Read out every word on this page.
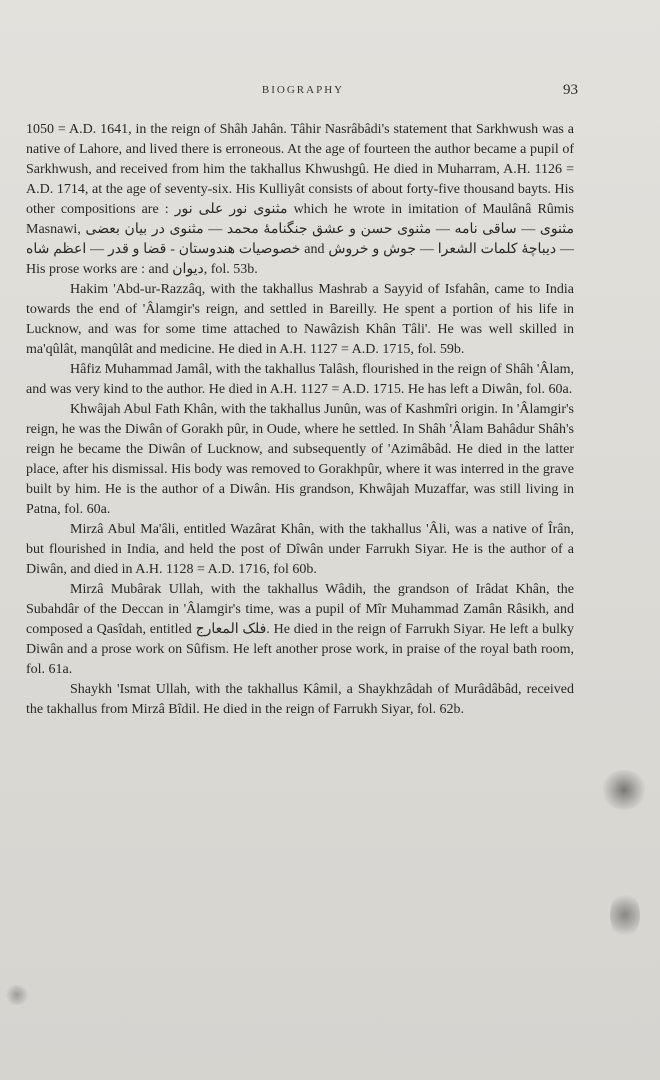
BIOGRAPHY	93

1050 = A.D. 1641, in the reign of Shâh Jahân. Tâhir Nasrâbâdi's statement that Sarkhwush was a native of Lahore, and lived there is erroneous. At the age of fourteen the author became a pupil of Sarkhwush, and received from him the takhallus Khwushgû. He died in Muharram, A.H. 1126 = A.D. 1714, at the age of seventy-six. His Kulliyât consists of about forty-five thousand bayts. His other compositions are : مثنوی نور علی نور which he wrote in imitation of Maulânâ Rûmis Masnawi, مثنوی — ساقی نامه — مثنوی حسن و عشق جنگنامهٔ محمد — مثنوی در بیان بعضی خصوصیات هندوستان - قضا و قدر — اعظم شاه and دیباچهٔ کلمات الشعرا — جوش و خروش — His prose works are : and دیوان, fol. 53b.

Hakim 'Abd-ur-Razzâq, with the takhallus Mashrab a Sayyid of Isfahân, came to India towards the end of 'Âlamgir's reign, and settled in Bareilly. He spent a portion of his life in Lucknow, and was for some time attached to Nawâzish Khân Tâli'. He was well skilled in ma'qûlât, manqûlât and medicine. He died in A.H. 1127 = A.D. 1715, fol. 59b.

Hâfiz Muhammad Jamâl, with the takhallus Talâsh, flourished in the reign of Shâh 'Âlam, and was very kind to the author. He died in A.H. 1127 = A.D. 1715. He has left a Diwân, fol. 60a.

Khwâjah Abul Fath Khân, with the takhallus Junûn, was of Kashmîri origin. In 'Âlamgir's reign, he was the Diwân of Gorakh pûr, in Oude, where he settled. In Shâh 'Âlam Bahâdur Shâh's reign he became the Diwân of Lucknow, and subsequently of 'Azimâbâd. He died in the latter place, after his dismissal. His body was removed to Gorakhpûr, where it was interred in the grave built by him. He is the author of a Diwân. His grandson, Khwâjah Muzaffar, was still living in Patna, fol. 60a.

Mirzâ Abul Ma'âli, entitled Wazârat Khân, with the takhallus 'Âli, was a native of Îrân, but flourished in India, and held the post of Dîwân under Farrukh Siyar. He is the author of a Diwân, and died in A.H. 1128 = A.D. 1716, fol 60b.

Mirzâ Mubârak Ullah, with the takhallus Wâdih, the grandson of Irâdat Khân, the Subahdâr of the Deccan in 'Âlamgir's time, was a pupil of Mîr Muhammad Zamân Râsikh, and composed a Qasîdah, entitled فلک المعارج. He died in the reign of Farrukh Siyar. He left a bulky Diwân and a prose work on Sûfism. He left another prose work, in praise of the royal bath room, fol. 61a.

Shaykh 'Ismat Ullah, with the takhallus Kâmil, a Shaykhzâdah of Murâdâbâd, received the takhallus from Mirzâ Bîdil. He died in the reign of Farrukh Siyar, fol. 62b.
